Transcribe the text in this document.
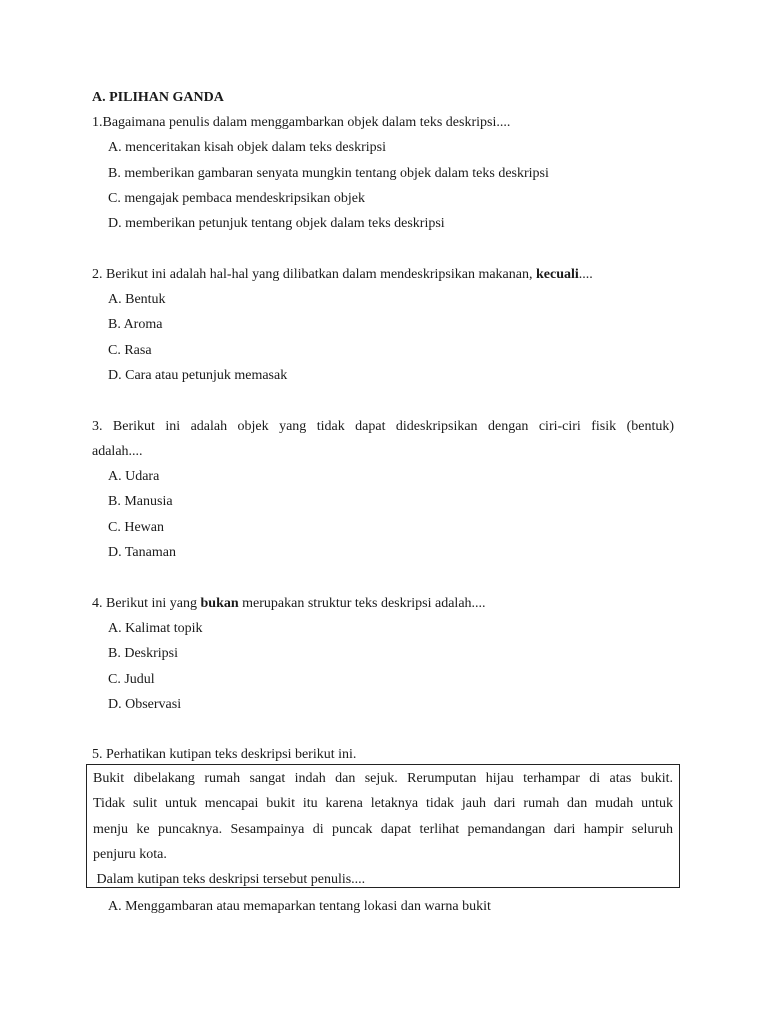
A. PILIHAN GANDA
1.Bagaimana penulis dalam menggambarkan objek dalam teks deskripsi....
A. menceritakan kisah objek dalam teks deskripsi
B. memberikan gambaran senyata mungkin tentang objek dalam teks deskripsi
C. mengajak pembaca mendeskripsikan objek
D. memberikan petunjuk tentang objek dalam teks deskripsi
2. Berikut ini adalah hal-hal yang dilibatkan dalam mendeskripsikan makanan, kecuali....
A. Bentuk
B. Aroma
C. Rasa
D. Cara atau petunjuk memasak
3. Berikut ini adalah objek yang tidak dapat dideskripsikan dengan ciri-ciri fisik (bentuk)
adalah....
A. Udara
B. Manusia
C. Hewan
D. Tanaman
4. Berikut ini yang bukan merupakan struktur teks deskripsi adalah....
A. Kalimat topik
B. Deskripsi
C. Judul
D. Observasi
5. Perhatikan kutipan teks deskripsi berikut ini.
Bukit dibelakang rumah sangat indah dan sejuk. Rerumputan hijau terhampar di atas bukit.
Tidak sulit untuk mencapai bukit itu karena letaknya tidak jauh dari rumah dan mudah untuk
menju ke puncaknya. Sesampainya di puncak dapat terlihat pemandangan dari hampir seluruh
penjuru kota.
Dalam kutipan teks deskripsi tersebut penulis....
A. Menggambaran atau memaparkan tentang lokasi dan warna bukit
